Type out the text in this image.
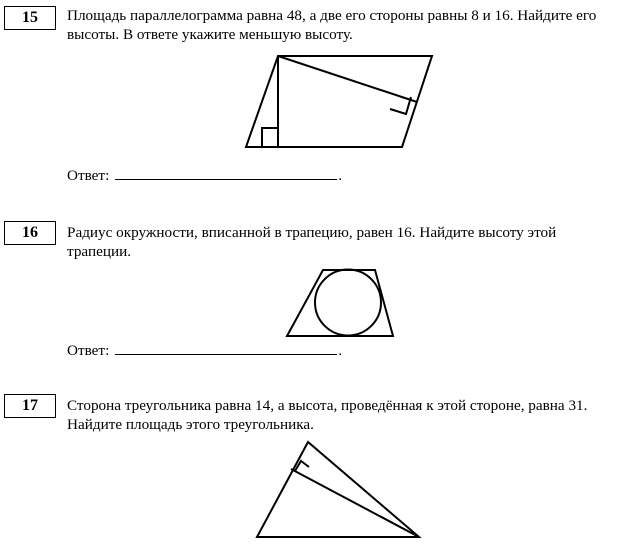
15	Площадь параллелограмма равна 48, а две его стороны равны 8 и 16. Найдите его высоты. В ответе укажите меньшую высоту.
Ответ:	.
16	Радиус окружности, вписанной в трапецию, равен 16. Найдите высоту этой трапеции.
Ответ:	.
17	Сторона треугольника равна 14, а высота, проведённая к этой стороне, равна 31. Найдите площадь этого треугольника.
